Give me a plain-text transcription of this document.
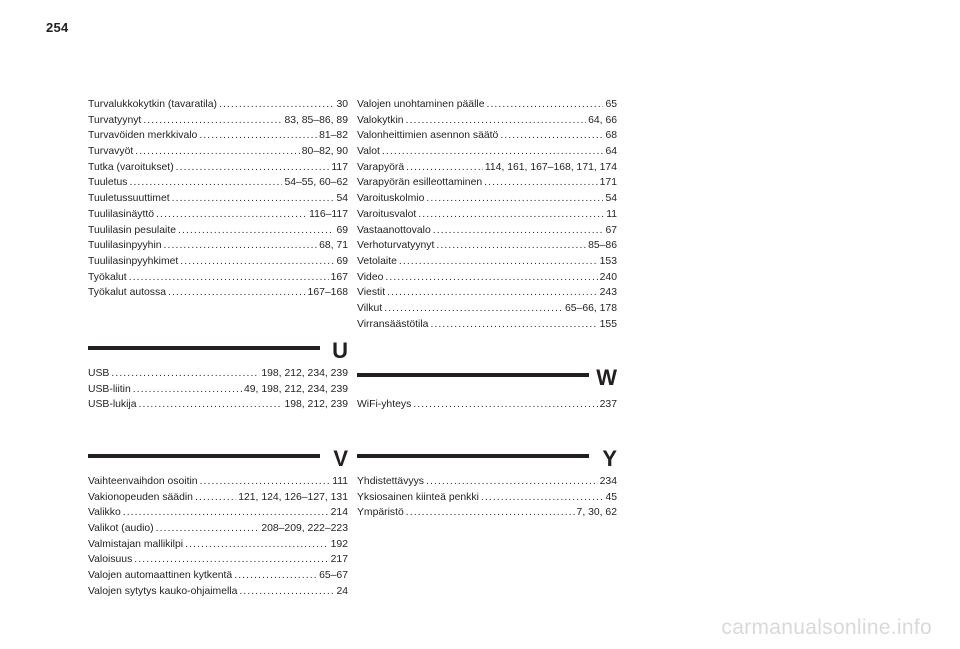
254
Turvalukkokytkin (tavaratila) . . .	30
Turvatyynyt . . .	83, 85–86, 89
Turvavöiden merkkivalo . . .	81–82
Turvavyöt . . .	80–82, 90
Tutka (varoitukset) . . .	117
Tuuletus . . .	54–55, 60–62
Tuuletussuuttimet . . .	54
Tuulilasinäyttö . . .	116–117
Tuulilasin pesulaite . . .	69
Tuulilasinpyyhin . . .	68, 71
Tuulilasinpyyhkimet . . .	69
Työkalut . . .	167
Työkalut autossa . . .	167–168
U
USB . . .	198, 212, 234, 239
USB-liitin . . .	49, 198, 212, 234, 239
USB-lukija . . .	198, 212, 239
V
Vaihteenvaihdon osoitin . . .	111
Vakionopeuden säädin . . .	121, 124, 126–127, 131
Valikko . . .	214
Valikot (audio) . . .	208–209, 222–223
Valmistajan mallikilpi . . .	192
Valoisuus . . .	217
Valojen automaattinen kytkentä . . .	65–67
Valojen sytytys kauko-ohjaimella . . .	24
Valojen unohtaminen päälle . . .	65
Valokytkin . . .	64, 66
Valonheittimien asennon säätö . . .	68
Valot . . .	64
Varapyörä . . .	114, 161, 167–168, 171, 174
Varapyörän esilleottaminen . . .	171
Varoituskolmio . . .	54
Varoitusvalot . . .	11
Vastaanottovalo . . .	67
Verhoturvatyynyt . . .	85–86
Vetolaite . . .	153
Video . . .	240
Viestit . . .	243
Vilkut . . .	65–66, 178
Virransäästötila . . .	155
W
WiFi-yhteys . . .	237
Y
Yhdistettävyys . . .	234
Yksiosainen kiinteä penkki . . .	45
Ympäristö . . .	7, 30, 62
carmanualsonline.info
